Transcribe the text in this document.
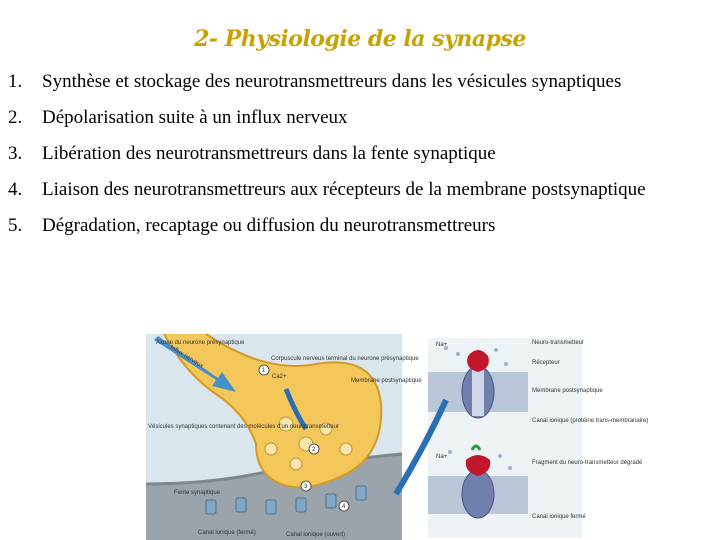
2- Physiologie de la synapse
1. Synthèse et stockage des neurotransmettreurs dans les vésicules synaptiques
2. Dépolarisation suite à un influx nerveux
3. Libération des neurotransmettreurs dans la fente synaptique
4. Liaison des neurotransmettreurs aux récepteurs de la membrane postsynaptique
5. Dégradation, recaptage ou diffusion du neurotransmettreurs
Influx nerveux
1
2
3
4
Axone du neurone présynaptique
Corpuscule nerveux terminal du neurone présynaptique
Ca2+
Membrane postsynaptique
Vésicules synaptiques contenant des molécules d'un neurotransmetteur
Fente synaptique
Canal ionique (fermé)	Canal ionique (ouvert)
Na+
Na+
Neuro-transmetteur
Récepteur
Membrane postsynaptique
Canal ionique (protéine trans-membranaire)
Fragment du neuro-transmetteur dégradé
Canal ionique fermé
